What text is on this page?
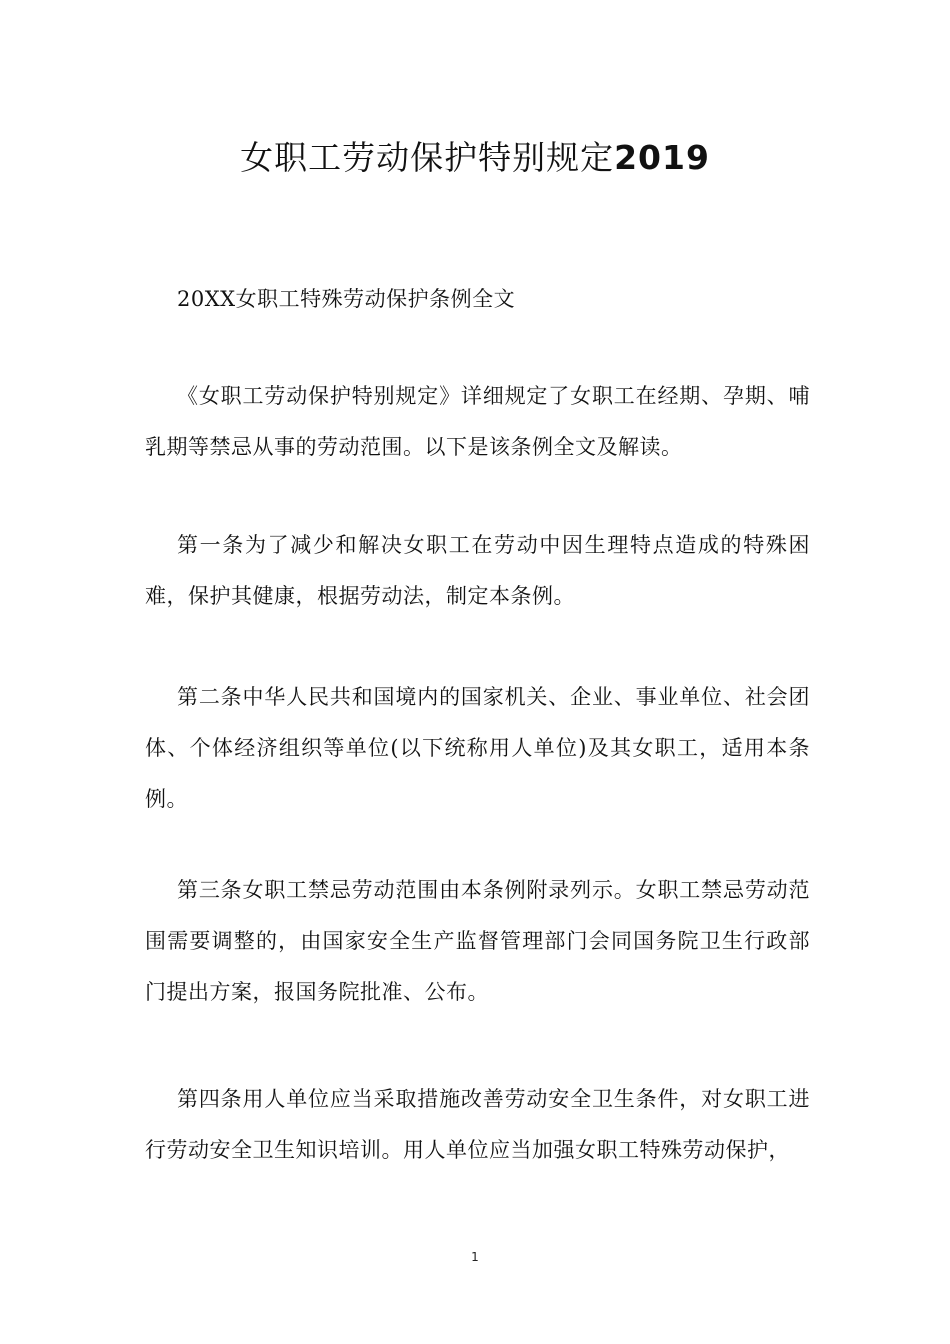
女职工劳动保护特别规定2019

20XX女职工特殊劳动保护条例全文

《女职工劳动保护特别规定》详细规定了女职工在经期、孕期、哺乳期等禁忌从事的劳动范围。以下是该条例全文及解读。

第一条为了减少和解决女职工在劳动中因生理特点造成的特殊困难，保护其健康，根据劳动法，制定本条例。

第二条中华人民共和国境内的国家机关、企业、事业单位、社会团体、个体经济组织等单位(以下统称用人单位)及其女职工，适用本条例。

第三条女职工禁忌劳动范围由本条例附录列示。女职工禁忌劳动范围需要调整的，由国家安全生产监督管理部门会同国务院卫生行政部门提出方案，报国务院批准、公布。

第四条用人单位应当采取措施改善劳动安全卫生条件，对女职工进行劳动安全卫生知识培训。用人单位应当加强女职工特殊劳动保护，

1
